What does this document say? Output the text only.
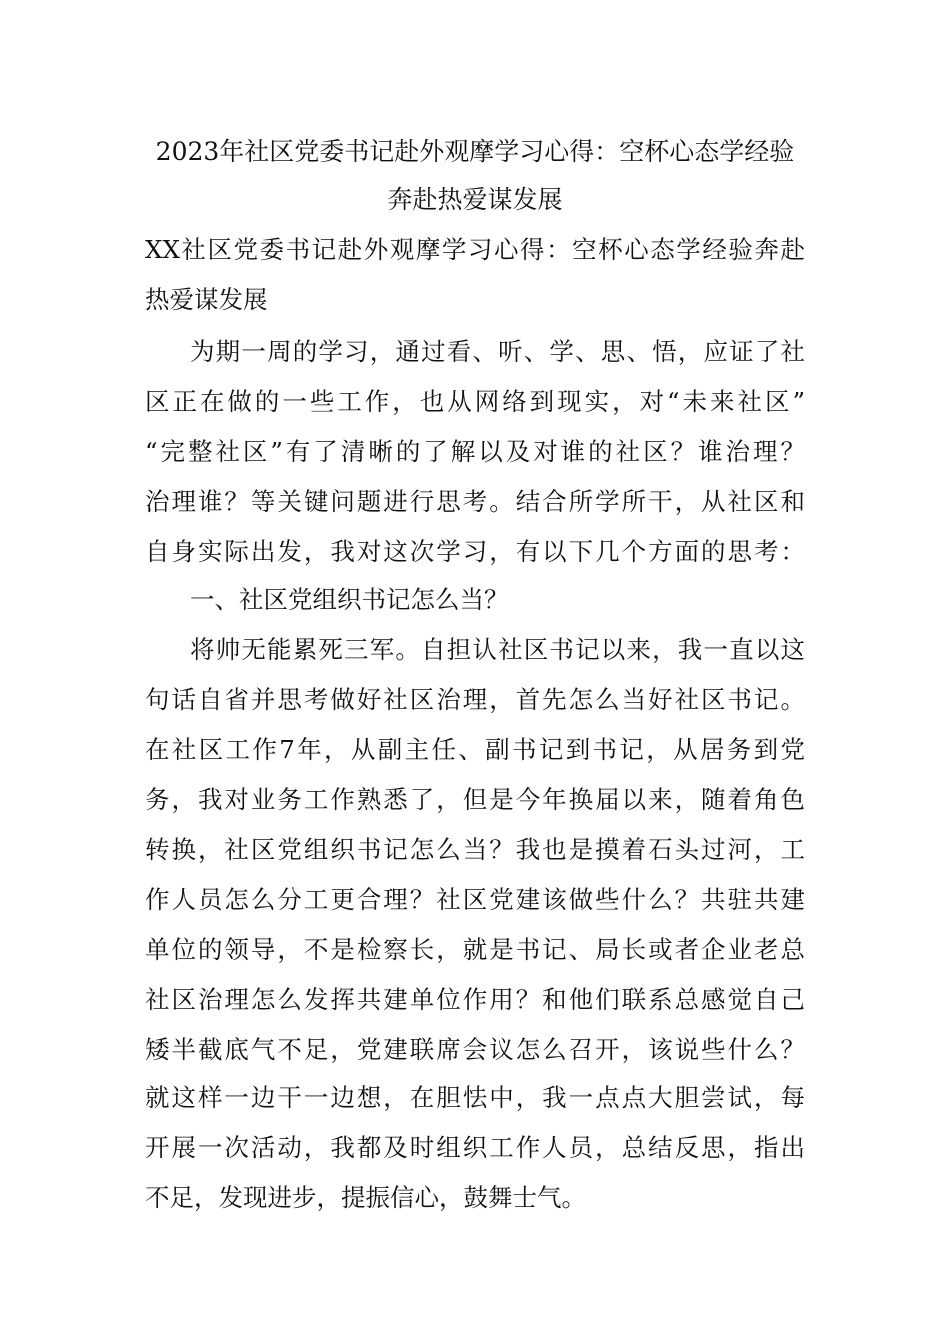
2023年社区党委书记赴外观摩学习心得：空杯心态学经验
奔赴热爱谋发展
XX社区党委书记赴外观摩学习心得：空杯心态学经验奔赴
热爱谋发展
为期一周的学习，通过看、听、学、思、悟，应证了社
区正在做的一些工作，也从网络到现实，对“未来社区”
“完整社区”有了清晰的了解以及对谁的社区？谁治理？
治理谁？等关键问题进行思考。结合所学所干，从社区和
自身实际出发，我对这次学习，有以下几个方面的思考：
一、社区党组织书记怎么当？
将帅无能累死三军。自担认社区书记以来，我一直以这
句话自省并思考做好社区治理，首先怎么当好社区书记。
在社区工作7年，从副主任、副书记到书记，从居务到党
务，我对业务工作熟悉了，但是今年换届以来，随着角色
转换，社区党组织书记怎么当？我也是摸着石头过河，工
作人员怎么分工更合理？社区党建该做些什么？共驻共建
单位的领导，不是检察长，就是书记、局长或者企业老总
社区治理怎么发挥共建单位作用？和他们联系总感觉自己
矮半截底气不足，党建联席会议怎么召开，该说些什么？
就这样一边干一边想，在胆怯中，我一点点大胆尝试，每
开展一次活动，我都及时组织工作人员，总结反思，指出
不足，发现进步，提振信心，鼓舞士气。
